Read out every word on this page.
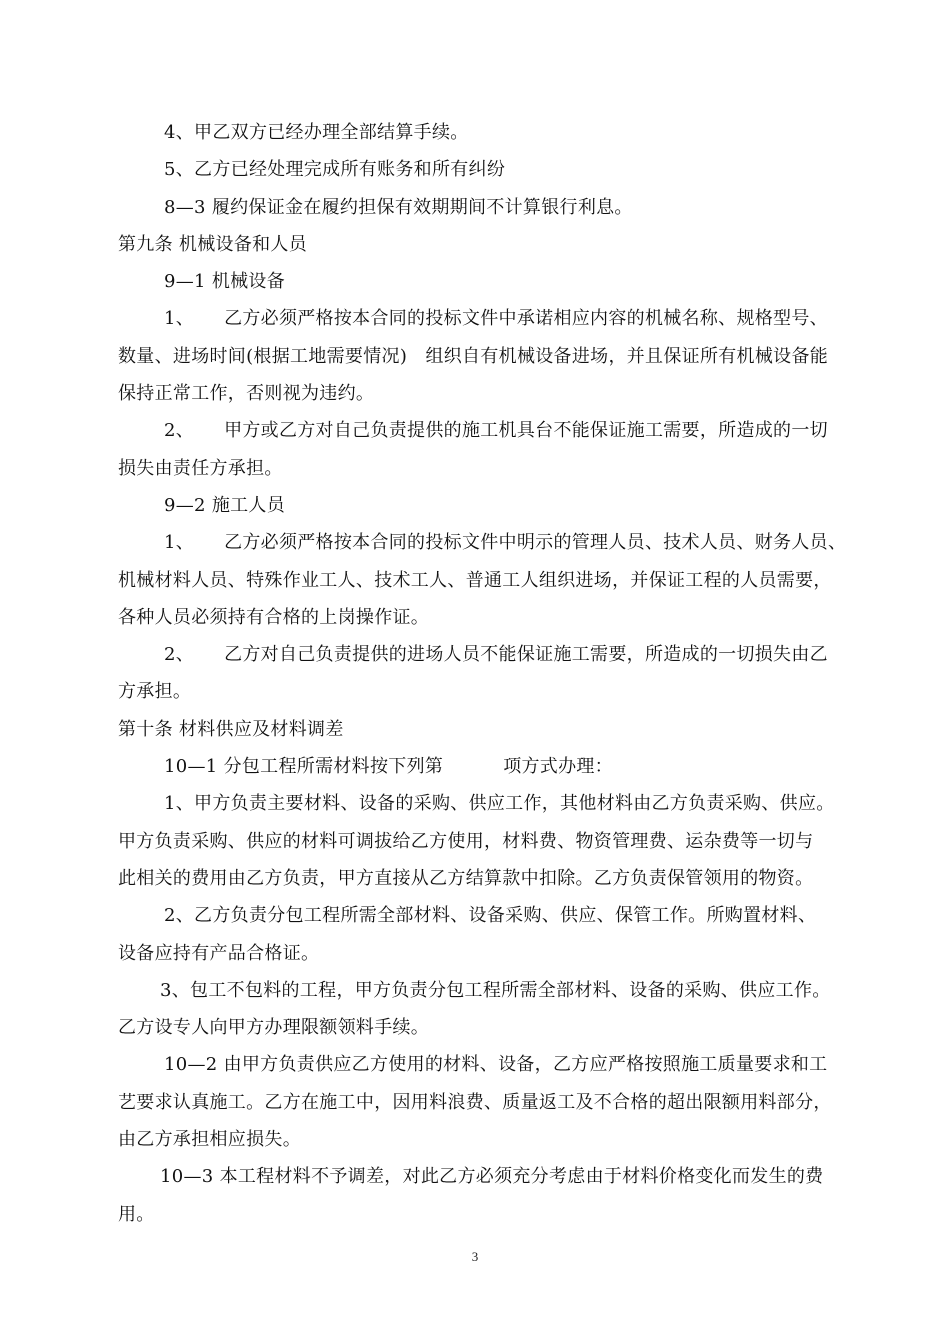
4、甲乙双方已经办理全部结算手续。

5、乙方已经处理完成所有账务和所有纠纷

8—3 履约保证金在履约担保有效期期间不计算银行利息。

第九条 机械设备和人员

9—1 机械设备

1、 乙方必须严格按本合同的投标文件中承诺相应内容的机械名称、规格型号、

数量、进场时间(根据工地需要情况)　组织自有机械设备进场，并且保证所有机械设备能

保持正常工作，否则视为违约。

2、 甲方或乙方对自己负责提供的施工机具台不能保证施工需要，所造成的一切

损失由责任方承担。

9—2 施工人员

1、 乙方必须严格按本合同的投标文件中明示的管理人员、技术人员、财务人员、

机械材料人员、特殊作业工人、技术工人、普通工人组织进场，并保证工程的人员需要，

各种人员必须持有合格的上岗操作证。

2、 乙方对自己负责提供的进场人员不能保证施工需要，所造成的一切损失由乙

方承担。

第十条 材料供应及材料调差

10—1 分包工程所需材料按下列第	项方式办理：

1、甲方负责主要材料、设备的采购、供应工作，其他材料由乙方负责采购、供应。

甲方负责采购、供应的材料可调拔给乙方使用，材料费、物资管理费、运杂费等一切与

此相关的费用由乙方负责，甲方直接从乙方结算款中扣除。乙方负责保管领用的物资。

2、乙方负责分包工程所需全部材料、设备采购、供应、保管工作。所购置材料、

设备应持有产品合格证。

3、包工不包料的工程，甲方负责分包工程所需全部材料、设备的采购、供应工作。

乙方设专人向甲方办理限额领料手续。

10—2 由甲方负责供应乙方使用的材料、设备，乙方应严格按照施工质量要求和工

艺要求认真施工。乙方在施工中，因用料浪费、质量返工及不合格的超出限额用料部分，

由乙方承担相应损失。

10—3 本工程材料不予调差，对此乙方必须充分考虑由于材料价格变化而发生的费

用。

3
